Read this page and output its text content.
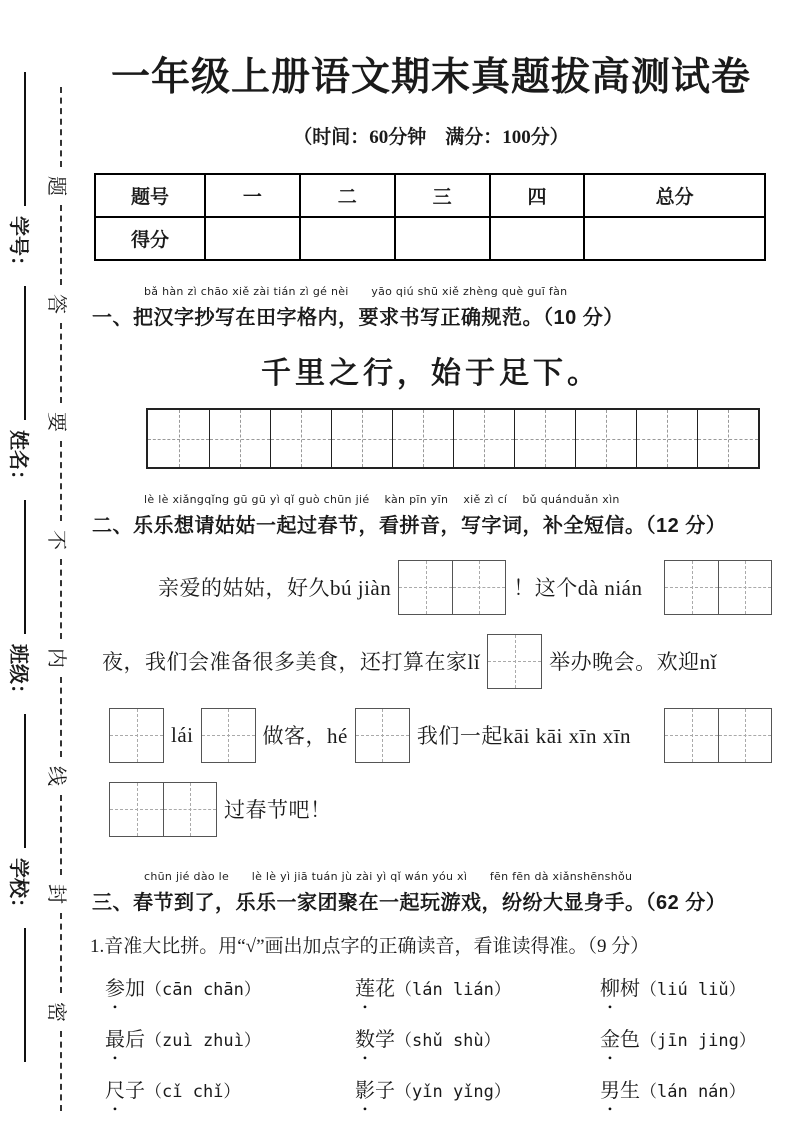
学号：
姓名：
班级：
学校：
题
答
要
不
内
线
封
密
一年级上册语文期末真题拔高测试卷
（时间：60分钟　满分：100分）
题号	一	二	三	四	总分
得分					
bǎ hàn zì chāo xiě zài tián zì gé nèi　　yāo qiú shū xiě zhèng què guī fàn
一、把汉字抄写在田字格内，要求书写正确规范。（10 分）
千里之行，始于足下。
lè lè xiǎngqǐng gū gū yì qǐ guò chūn jié　 kàn pīn yīn　 xiě zì cí　 bǔ quánduǎn xìn
二、乐乐想请姑姑一起过春节，看拼音，写字词，补全短信。（12 分）
亲爱的姑姑，好久bú jiàn	！这个dà nián
夜，我们会准备很多美食，还打算在家lǐ	举办晚会。欢迎nǐ
lái	做客，hé	我们一起kāi kāi xīn xīn
过春节吧！
chūn jié dào le　　lè lè yì jiā tuán jù zài yì qǐ wán yóu xì　　fēn fēn dà xiǎnshēnshǒu
三、春节到了，乐乐一家团聚在一起玩游戏，纷纷大显身手。（62 分）
1.音准大比拼。用“√”画出加点字的正确读音，看谁读得准。（9 分）
参加（cān chān）	莲花（lán lián）	柳树（liú liǔ）
最后（zuì zhuì）	数学（shǔ shù）	金色（jīn jing）
尺子（cǐ chǐ）	影子（yǐn yǐng）	男生（lán nán）
